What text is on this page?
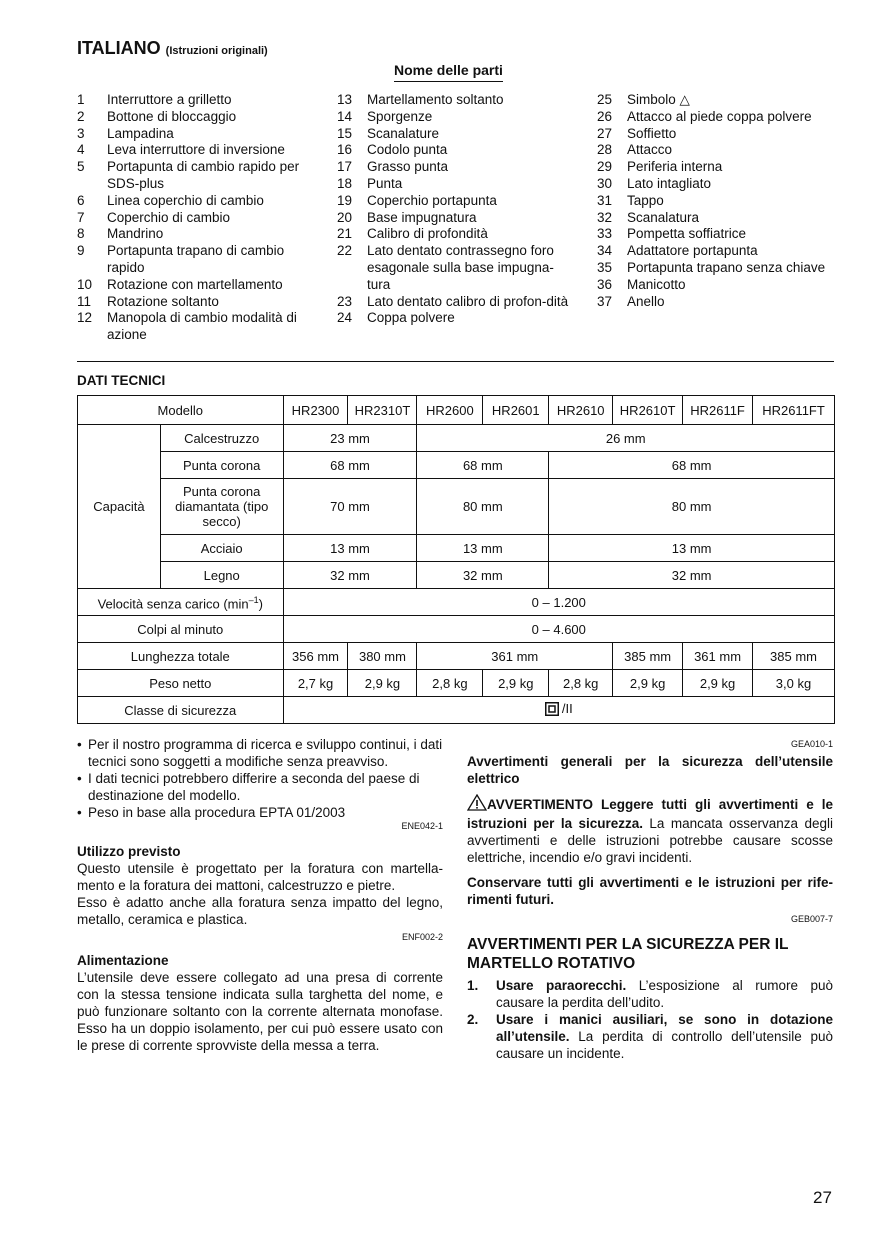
ITALIANO (Istruzioni originali)
Nome delle parti
1	Interruttore a grilletto
2	Bottone di bloccaggio
3	Lampadina
4	Leva interruttore di inversione
5	Portapunta di cambio rapido per SDS-plus
6	Linea coperchio di cambio
7	Coperchio di cambio
8	Mandrino
9	Portapunta trapano di cambio rapido
10	Rotazione con martellamento
11	Rotazione soltanto
12	Manopola di cambio modalità di azione
13	Martellamento soltanto
14	Sporgenze
15	Scanalature
16	Codolo punta
17	Grasso punta
18	Punta
19	Coperchio portapunta
20	Base impugnatura
21	Calibro di profondità
22	Lato dentato contrassegno foro esagonale sulla base impugna-tura
23	Lato dentato calibro di profon-dità
24	Coppa polvere
25	Simbolo △
26	Attacco al piede coppa polvere
27	Soffietto
28	Attacco
29	Periferia interna
30	Lato intagliato
31	Tappo
32	Scanalatura
33	Pompetta soffiatrice
34	Adattatore portapunta
35	Portapunta trapano senza chiave
36	Manicotto
37	Anello
DATI TECNICI
Modello		HR2300	HR2310T	HR2600	HR2601	HR2610	HR2610T	HR2611F	HR2611FT
Capacità	Calcestruzzo	23 mm		26 mm					
	Punta corona	68 mm		68 mm		68 mm			
	Punta corona diamantata (tipo secco)	70 mm		80 mm		80 mm			
	Acciaio	13 mm		13 mm		13 mm			
	Legno	32 mm		32 mm		32 mm			
Velocità senza carico $(\min^{-1})$		0 – 1.200							
Colpi al minuto		0 – 4.600							
Lunghezza totale		356 mm	380 mm	361 mm			385 mm	361 mm	385 mm
Peso netto		2,7 kg	2,9 kg	2,8 kg	2,9 kg	2,8 kg	2,9 kg	2,9 kg	3,0 kg
Classe di sicurezza		/II							
• Per il nostro programma di ricerca e sviluppo continui, i dati tecnici sono soggetti a modifiche senza preavviso.
• I dati tecnici potrebbero differire a seconda del paese di destinazione del modello.
• Peso in base alla procedura EPTA 01/2003
ENE042-1
Utilizzo previsto
Questo utensile è progettato per la foratura con martella-mento e la foratura dei mattoni, calcestruzzo e pietre.
Esso è adatto anche alla foratura senza impatto del legno, metallo, ceramica e plastica.
ENF002-2
Alimentazione
L’utensile deve essere collegato ad una presa di corrente con la stessa tensione indicata sulla targhetta del nome, e può funzionare soltanto con la corrente alternata monofase. Esso ha un doppio isolamento, per cui può essere usato con le prese di corrente sprovviste della messa a terra.
GEA010-1
Avvertimenti generali per la sicurezza dell’utensile elettrico
AVVERTIMENTO Leggere tutti gli avvertimenti e le istruzioni per la sicurezza. La mancata osservanza degli avvertimenti e delle istruzioni potrebbe causare scosse elettriche, incendio e/o gravi incidenti.
Conservare tutti gli avvertimenti e le istruzioni per rife-rimenti futuri.
GEB007-7
AVVERTIMENTI PER LA SICUREZZA PER IL MARTELLO ROTATIVO
1.	Usare paraorecchi. L’esposizione al rumore può causare la perdita dell’udito.
2.	Usare i manici ausiliari, se sono in dotazione all’utensile. La perdita di controllo dell’utensile può causare un incidente.
27
